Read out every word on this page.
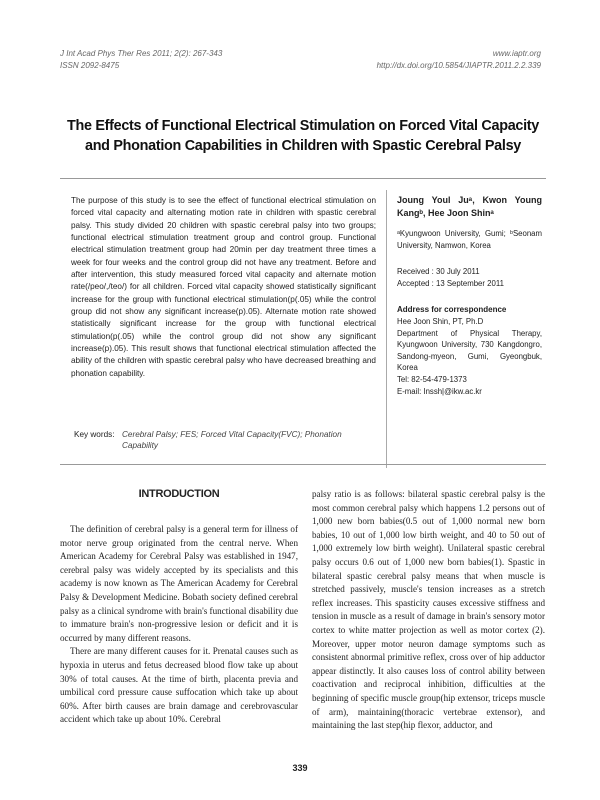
J Int Acad Phys Ther Res 2011; 2(2): 267-343
ISSN 2092-8475
www.iaptr.org
http://dx.doi.org/10.5854/JIAPTR.2011.2.2.339
The Effects of Functional Electrical Stimulation on Forced Vital Capacity
and Phonation Capabilities in Children with Spastic Cerebral Palsy
The purpose of this study is to see the effect of functional electrical stimulation on forced vital capacity and alternating motion rate in children with spastic cerebral palsy. This study divided 20 children with spastic cerebral palsy into two groups; functional electrical stimulation treatment group and control group. Functional electrical stimulation treatment group had 20min per day treatment three times a week for four weeks and the control group did not have any treatment. Before and after intervention, this study measured forced vital capacity and alternate motion rate(/peo/,/teo/) for all children. Forced vital capacity showed statistically significant increase for the group with functional electrical stimulation(p(.05) while the control group did not show any significant increase(p).05). Alternate motion rate showed statistically significant increase for the group with functional electrical stimulation(p(.05) while the control group did not show any significant increase(p).05). This result shows that functional electrical stimulation affected the ability of the children with spastic cerebral palsy who have decreased breathing and phonation capability.
Joung Youl Juᵃ, Kwon Young Kangᵇ, Hee Joon Shinᵃ
ᵃKyungwoon University, Gumi; ᵇSeonam University, Namwon, Korea
Received : 30 July 2011
Accepted : 13 September 2011
Address for correspondence
Hee Joon Shin, PT, Ph.D
Department of Physical Therapy, Kyungwoon University, 730 Kangdongro, Sandong-myeon, Gumi, Gyeongbuk, Korea
Tel: 82-54-479-1373
E-mail: Inssh|@ikw.ac.kr
Key words: Cerebral Palsy; FES; Forced Vital Capacity(FVC); Phonation Capability
INTRODUCTION

The definition of cerebral palsy is a general term for illness of motor nerve group originated from the central nerve. When American Academy for Cerebral Palsy was established in 1947, cerebral palsy was widely accepted by its specialists and this academy is now known as The American Academy for Cerebral Palsy & Development Medicine. Bobath society defined cerebral palsy as a clinical syndrome with brain's functional disability due to immature brain's non-progressive lesion or deficit and it is occurred by many different reasons.

There are many different causes for it. Prenatal causes such as hypoxia in uterus and fetus decreased blood flow take up about 30% of total causes. At the time of birth, placenta previa and umbilical cord pressure cause suffocation which take up about 60%. After birth causes are brain damage and cerebrovascular accident which take up about 10%. Cerebral

palsy ratio is as follows: bilateral spastic cerebral palsy is the most common cerebral palsy which happens 1.2 persons out of 1,000 new born babies(0.5 out of 1,000 normal new born babies, 10 out of 1,000 low birth weight, and 40 to 50 out of 1,000 extremely low birth weight). Unilateral spastic cerebral palsy occurs 0.6 out of 1,000 new born babies(1). Spastic in bilateral spastic cerebral palsy means that when muscle is stretched passively, muscle's tension increases as a stretch reflex increases. This spasticity causes excessive stiffness and tension in muscle as a result of damage in brain's sensory motor cortex to white matter projection as well as motor cortex (2). Moreover, upper motor neuron damage symptoms such as consistent abnormal primitive reflex, cross over of hip adductor appear distinctly. It also causes loss of control ability between coactivation and reciprocal inhibition, difficulties at the beginning of specific muscle group(hip extensor, triceps muscle of arm), maintaining(thoracic vertebrae extensor), and maintaining the last step(hip flexor, adductor, and

339
